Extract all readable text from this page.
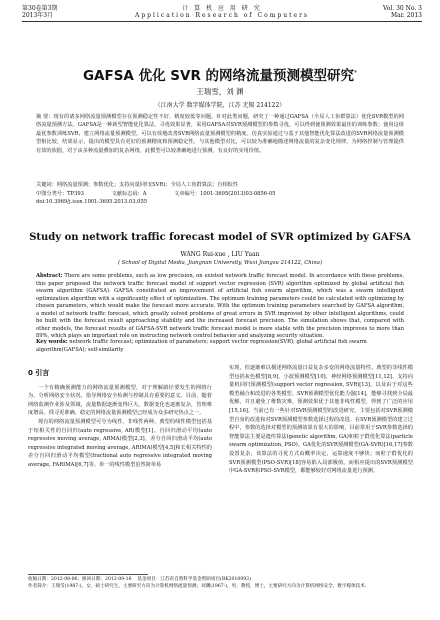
第30卷第3期
2013年3月
计 算 机 应 用 研 究
Application Research of Computers
Vol. 30 No. 3
Mar. 2013
GAFSA 优化 SVR 的网络流量预测模型研究*
王瑞雪，刘 渊
（江南大学 数字媒体学院，江苏 无锡 214122）
摘 要：现有的诸多网络流量预测模型存在预测稳定性不好、精度较低等问题。针对此类问题，研究了一种通过GAFSA（全局人工鱼群算法）优化SVR模型的网络流量预测方法。GAFSA是一种新型智能优化算法，寻优效果显著，采用GAFSA对SVR预测模型的参数寻优，可以得到使预测效果最佳的训练参数；使用这组最优参数训练SVR，建立网络流量预测模型，可以有效地改善SVR网络流量预测模型的精度。仿真实验通过与基于其他智能优化算法改进的SVR网络流量预测模型相比较，结果显示，提出的模型具有更好的预测精度和预测稳定性，与其他模型对比，可以较为准确地描述网络流量的复杂变化规律，为网络控制与管理提供有效的依据，对于由多种流量叠加的复杂网络，此模型可以较准确地进行预测，有良好的实用价值。
关键词：网络流量预测；参数优化；支持向量回归(SVR)；全局人工鱼群算法；自相似性
中图分类号：TP393	文献标志码：A	文章编号：1001-3695(2013)03-0856-05
doi:10.3969/j.issn.1001-3695.2013.03.055
Study on network traffic forecast model of SVR optimized by GAFSA
WANG Rui-xue , LIU Yuan
( School of Digital Media, Jiangnan University, Wuxi Jiangsu 214122, China)
Abstract: There are some problems, such as low precision, on existed network traffic forecast model. In accordance with these problems, this paper proposed the network traffic forecast model of support vector regression (SVR) algorithm optimized by global artificial fish swarm algorithm (GAFSA). GAFSA constituted an improvement of artificial fish swarm algorithm, which was a swarm intelligent optimization algorithm with a significantly effect of optimization. The optimum training parameters could be calculated with optimizing by chosen parameters, which would make the forecast more accurate. With the optimum training parameters searched by GAFSA algorithm, a model of network traffic forecast, which greatly solved problems of great errors in SVR improved by other intelligent algorithms, could be built with the forecast result approaching stability and the increased forecast precision. The simulation shows that, compared with other models, the forecast results of GAFSA-SVR network traffic forecast model is more stable with the precision improves to more than 89%, which plays an important role on instructing network control behavior and analyzing security situation.
Key words: network traffic forecast; optimization of parameters; support vector regression(SVR); global artificial fish swarm algorithm(GAFSA); self-similarity
0 引言

一个有精确预测能力的网络流量预测模型，对于理解路径要发生的网络行为、分析网络安全状况、指导网络安全检测与控制具有重要的意义。目前，随着网络监测作业涉及领域，流量数据逐渐变得巨大，数据变化也逐渐复杂，管理难度增高。找寻更准确、稳定的网络流量预测模型已经成为众多研究热点之一。

现有的网络流量预测模型可分为线性、非线性两种。典型的线性模型包括基于短相关性的自回归(auto regressive, AR)模型[1]、自回归滑动平均(auto regressive moving average, ARMA)模型[2,3]、差分自回归滑动平均(auto regressive integrated moving average, ARIMA)模型[4,5]和长相关特性的差分自回归滑动平均模型(fractional auto regressive integrated moving average, FARIMA)[6,7]等。单一的线性模型虽然简单易

实现，但逐渐难以描述网络流量日益复杂多变的网络流量特性。典型的非线性模型包括灰色模型[8,9]、小波预测模型[10]、神经网络预测模型[11,12]、支持向量机回归预测模型(support vector regression, SVR)[13]，以及由于对这些模型融合和改进的各类模型。SVR预测模型优化能力强[14]，能够寻找到全局最优解，并且避免了维数灾难，预测效果优于其他非线性模型，得到了广泛的应用[15,16]。当前已有一些针对SVR预测模型的改进研究。主要包括对SVR预测模型自身的改进和对SVR预测模型参数选择过程的改进。在SVR预测模型的建立过程中，参数的选择对模型的预测效果有很大的影响，目前常用于SVR参数选择的智能算法主要是遗传算法(genetic algorithm, GA)和粒子群优化算法(particle swarm optimization, PSO)。GA优化的SVR预测模型(GA-SVR)[16,17]参数设置复杂，该算法的寻优方式由概率决定，运算速度不够快；而粒子群优化的SVR预测模型(PSO-SVR)[18]容易陷入局部极值。而相应提出的SVR预测模型中GA-SVR和PSO-SVR模型，都能够较好对网络流量进行预测。

收稿日期：2012-08-06；修回日期：2012-09-16    基金项目：江苏省自然科学基金资助项目(BK2010093)
作者简介：王瑞雪(1987-)，女，硕士研究生，主要研究方向为计算机网络流量预测；刘渊(1967-)，男，教授，博士，主要研究方向为计算机网络安全、数字媒体技术.
